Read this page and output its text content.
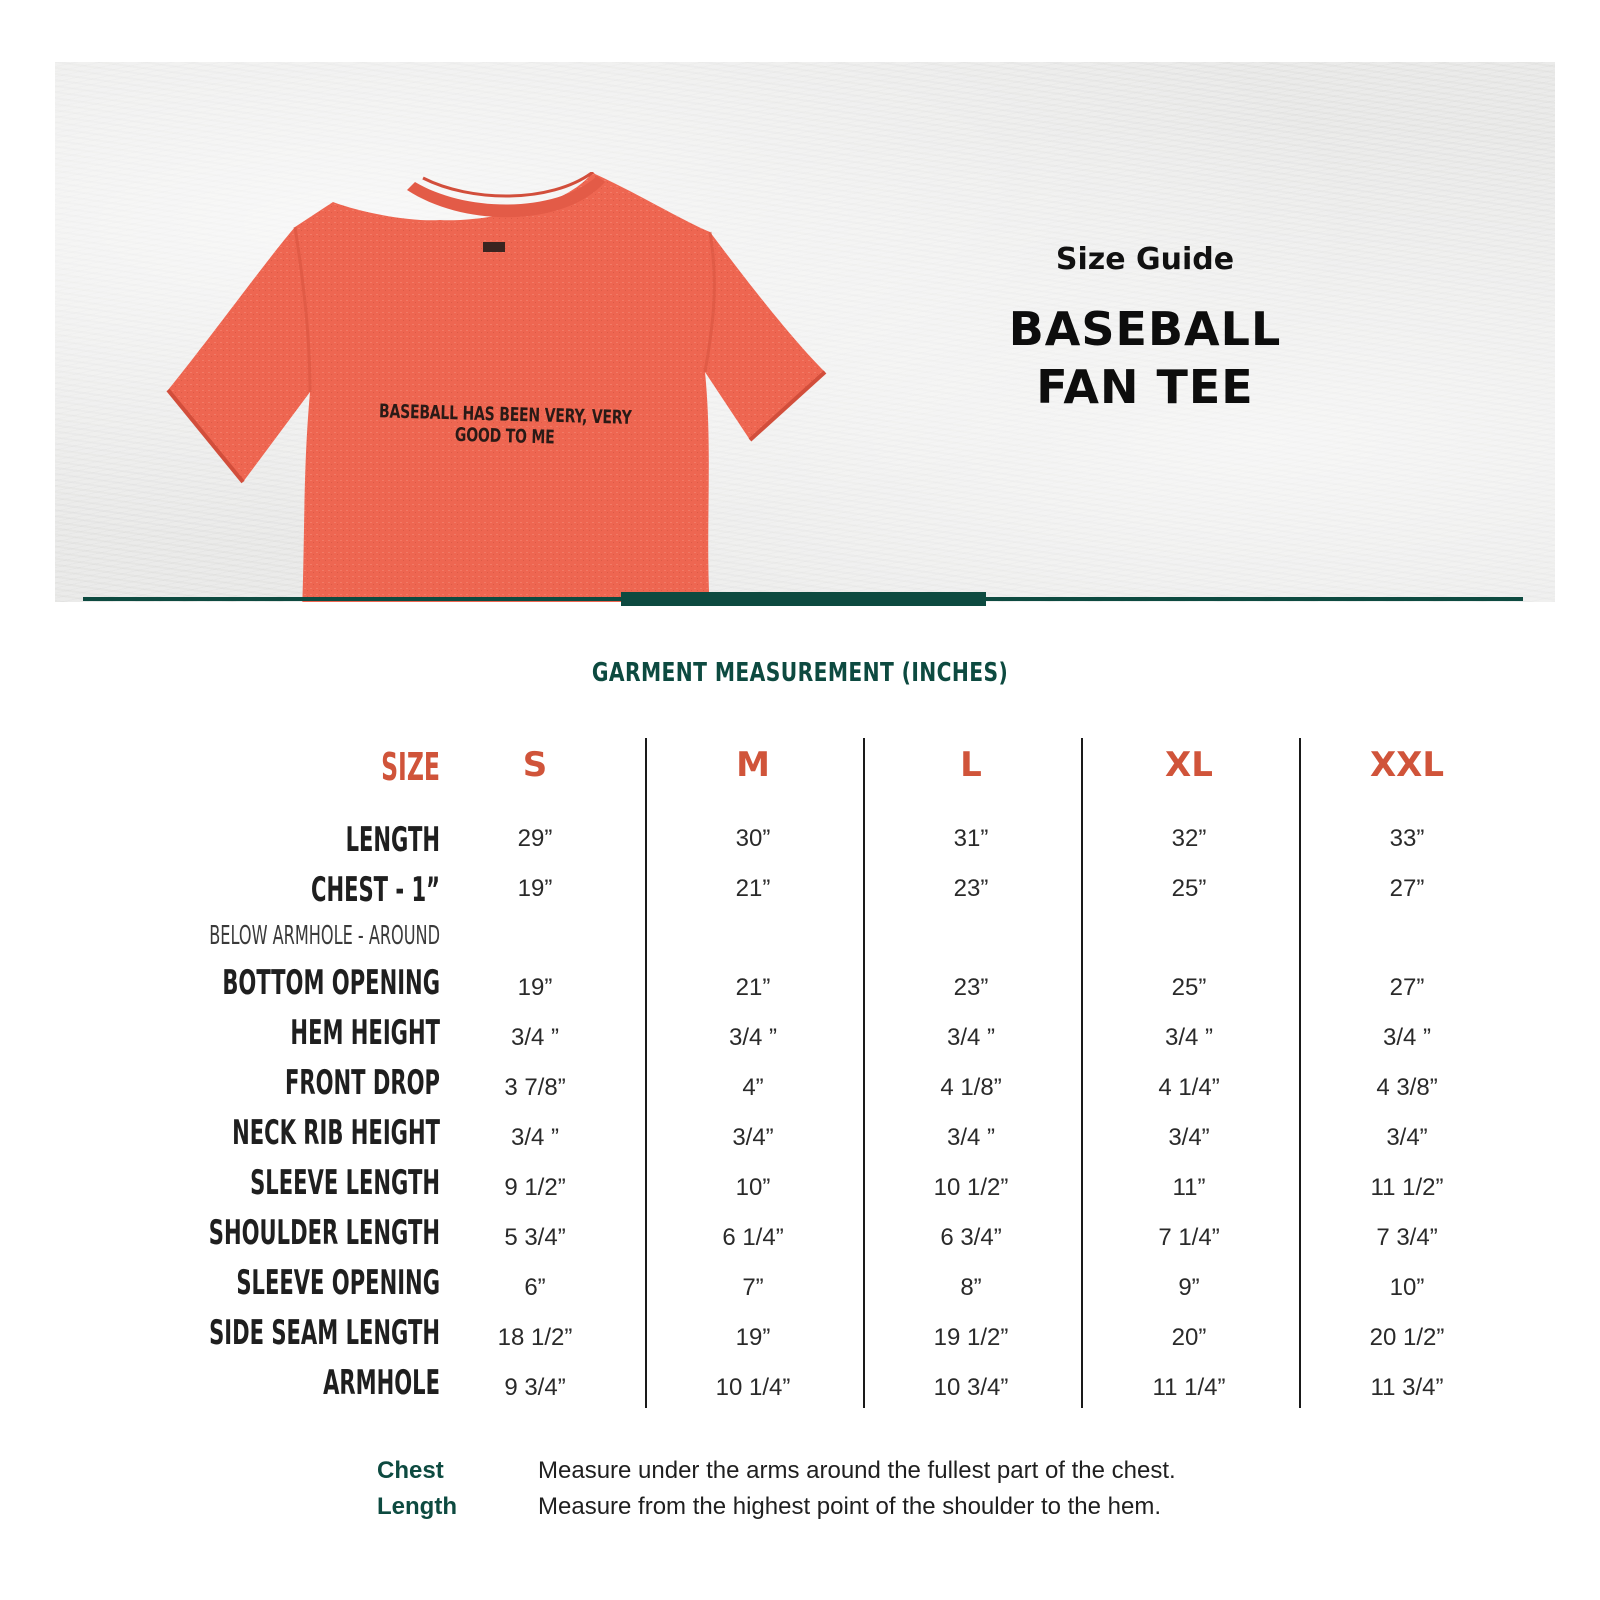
BASEBALL HAS BEEN VERY, VERY GOOD TO ME
Size Guide
BASEBALL
FAN TEE
GARMENT MEASUREMENT (INCHES)
SIZE	S	M	L	XL	XXL
LENGTH	29”	30”	31”	32”	33”
CHEST - 1”	19”	21”	23”	25”	27”
BELOW ARMHOLE - AROUND
BOTTOM OPENING	19”	21”	23”	25”	27”
HEM HEIGHT	3/4 ”	3/4 ”	3/4 ”	3/4 ”	3/4 ”
FRONT DROP	3 7/8”	4”	4 1/8”	4 1/4”	4 3/8”
NECK RIB HEIGHT	3/4 ”	3/4”	3/4 ”	3/4”	3/4”
SLEEVE LENGTH	9 1/2”	10”	10 1/2”	11”	11 1/2”
SHOULDER LENGTH	5 3/4”	6 1/4”	6 3/4”	7 1/4”	7 3/4”
SLEEVE OPENING	6”	7”	8”	9”	10”
SIDE SEAM LENGTH	18 1/2”	19”	19 1/2”	20”	20 1/2”
ARMHOLE	9 3/4”	10 1/4”	10 3/4”	11 1/4”	11 3/4”
Chest	Measure under the arms around the fullest part of the chest.
Length	Measure from the highest point of the shoulder to the hem.
